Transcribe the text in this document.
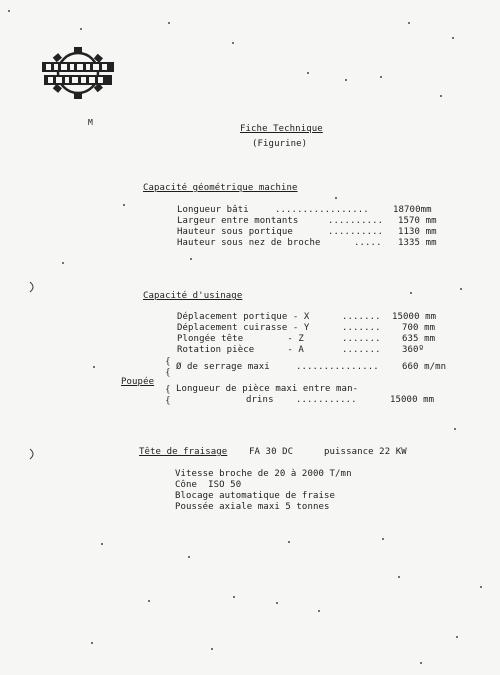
M
Fiche Technique
(Figurine)
Capacité géométrique machine
Longueur bâti	.................	18700mm
Largeur entre montants	.......... 1570 mm
Hauteur sous portique	.......... 1130 mm
Hauteur sous nez de broche	..... 1335 mm
Capacité d'usinage
Déplacement portique - X	....... 15000 mm
Déplacement cuirasse - Y	....... 700 mm
Plongée tête        - Z	....... 635 mm
Rotation pièce      - A	....... 360º
{
{
{
{
Poupée
Ø de serrage maxi	...............	660 m/mn
Longueur de pièce maxi entre man-
drins ...........	15000 mm
Tête de fraisage FA 30 DC	puissance 22 KW
Vitesse broche de 20 à 2000 T/mn
Cône  ISO 50
Blocage automatique de fraise
Poussée axiale maxi 5 tonnes
